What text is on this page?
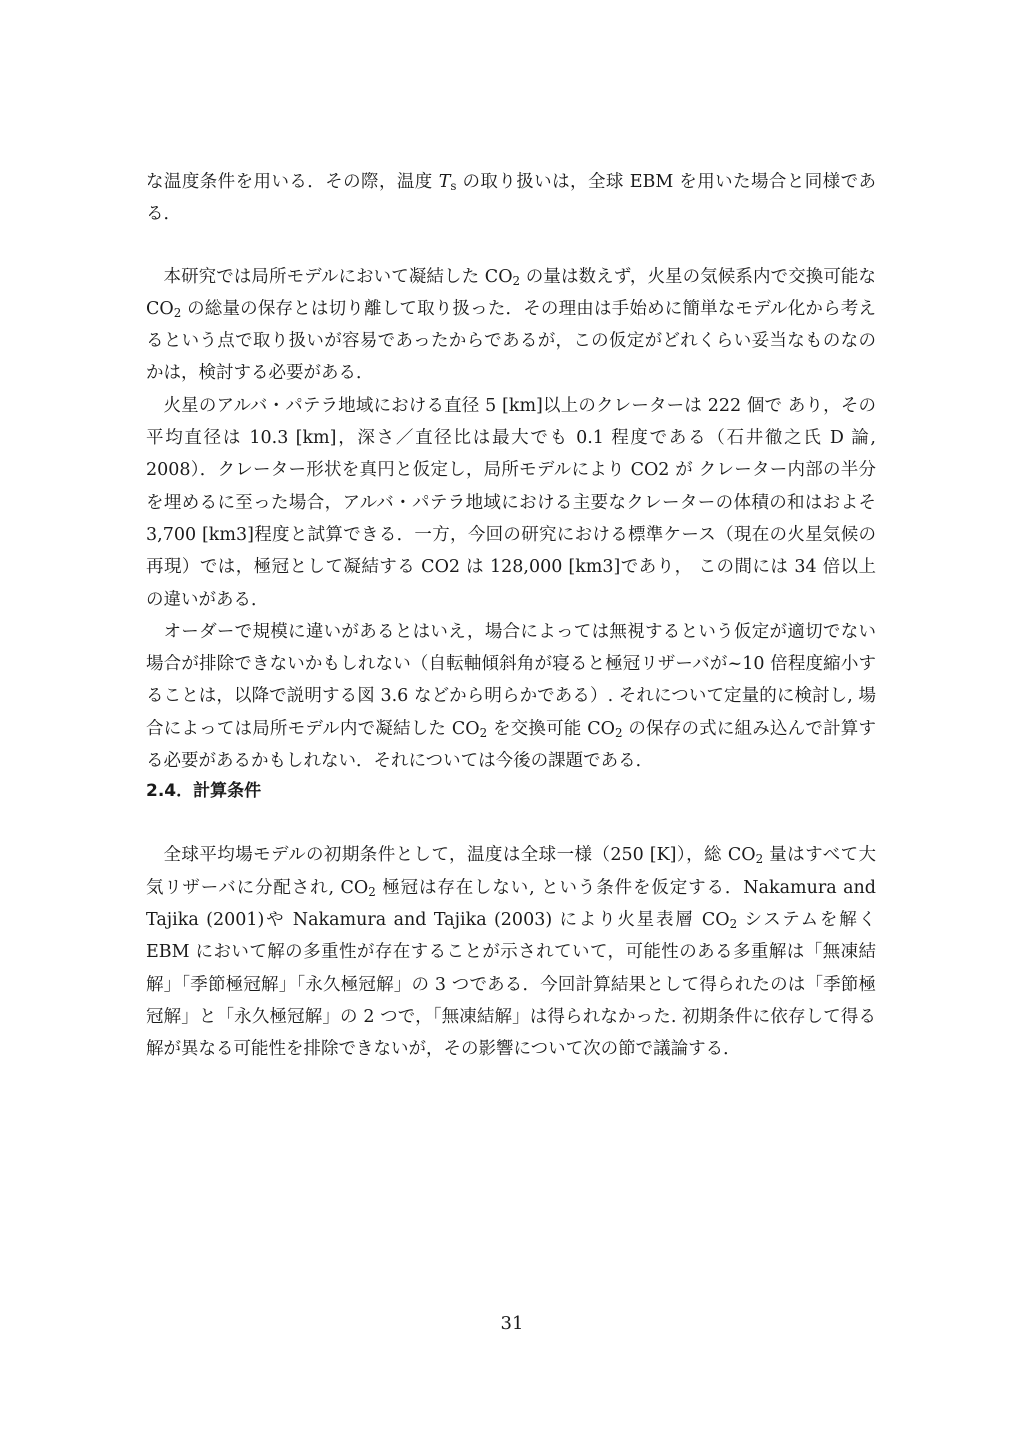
な温度条件を用いる．その際，温度 $T_s$ の取り扱いは，全球 EBM を用いた場合と同様である．

本研究では局所モデルにおいて凝結した $CO_2$ の量は数えず，火星の気候系内で交換可能な $CO_2$ の総量の保存とは切り離して取り扱った．その理由は手始めに簡単なモデル化から考えるという点で取り扱いが容易であったからであるが，この仮定がどれくらい妥当なものなのかは，検討する必要がある．

火星のアルバ・パテラ地域における直径 5 [km]以上のクレーターは 222 個で あり，その平均直径は 10.3 [km]，深さ／直径比は最大でも 0.1 程度である（石井徹之氏 D 論, 2008）．クレーター形状を真円と仮定し，局所モデルにより CO2 が クレーター内部の半分を埋めるに至った場合，アルバ・パテラ地域における主要なクレーターの体積の和はおよそ 3,700 [km3]程度と試算できる．一方，今回の研究における標準ケース（現在の火星気候の再現）では，極冠として凝結する CO2 は 128,000 [km3]であり， この間には 34 倍以上の違いがある．

オーダーで規模に違いがあるとはいえ，場合によっては無視するという仮定が適切でない場合が排除できないかもしれない（自転軸傾斜角が寝ると極冠リザーバが~10 倍程度縮小することは，以降で説明する図 3.6 などから明らかである）. それについて定量的に検討し, 場合によっては局所モデル内で凝結した $CO_2$ を交換可能 $CO_2$ の保存の式に組み込んで計算する必要があるかもしれない．それについては今後の課題である．

2.4．計算条件

全球平均場モデルの初期条件として，温度は全球一様（250 [K]），総 $CO_2$ 量はすべて大気リザーバに分配され, $CO_2$ 極冠は存在しない, という条件を仮定する．Nakamura and Tajika (2001)や Nakamura and Tajika (2003) により火星表層 $CO_2$ システムを解く EBM において解の多重性が存在することが示されていて，可能性のある多重解は「無凍結解」「季節極冠解」「永久極冠解」の 3 つである．今回計算結果として得られたのは「季節極冠解」と「永久極冠解」の 2 つで，「無凍結解」は得られなかった. 初期条件に依存して得る解が異なる可能性を排除できないが，その影響について次の節で議論する．

31
